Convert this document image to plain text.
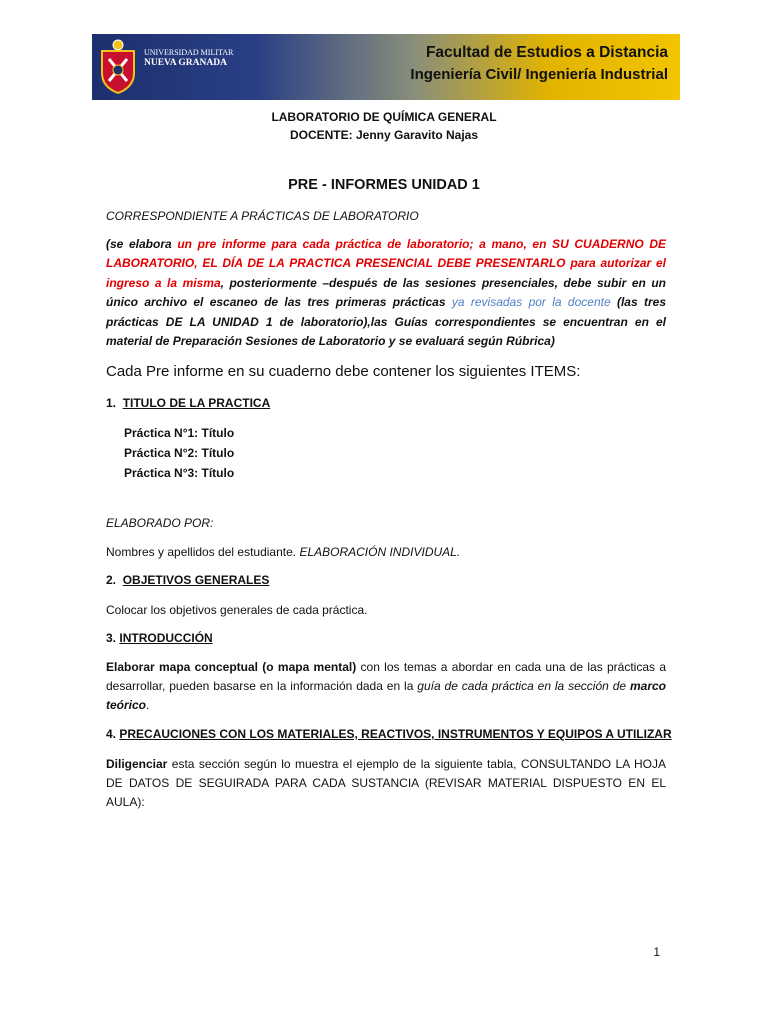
UNIVERSIDAD MILITAR
NUEVA GRANADA
Facultad de Estudios a Distancia
Ingeniería Civil/ Ingeniería Industrial
LABORATORIO DE QUÍMICA GENERAL
DOCENTE: Jenny Garavito Najas
PRE - INFORMES UNIDAD 1
CORRESPONDIENTE A PRÁCTICAS DE LABORATORIO
(se elabora un pre informe para cada práctica de laboratorio; a mano, en SU CUADERNO DE LABORATORIO, EL DÍA DE LA PRACTICA PRESENCIAL DEBE PRESENTARLO para autorizar el ingreso a la misma, posteriormente –después de las sesiones presenciales, debe subir en un único archivo el escaneo de las tres primeras prácticas ya revisadas por la docente (las tres prácticas DE LA UNIDAD 1 de laboratorio),las Guías correspondientes se encuentran en el material de Preparación Sesiones de Laboratorio y se evaluará según Rúbrica)
Cada Pre informe en su cuaderno debe contener los siguientes ITEMS:
1. TITULO DE LA PRACTICA
Práctica N°1: Título
Práctica N°2: Título
Práctica N°3: Título
ELABORADO POR:
Nombres y apellidos del estudiante. ELABORACIÓN INDIVIDUAL.
2. OBJETIVOS GENERALES
Colocar los objetivos generales de cada práctica.
3. INTRODUCCIÓN
Elaborar mapa conceptual (o mapa mental) con los temas a abordar en cada una de las prácticas a desarrollar, pueden basarse en la información dada en la guía de cada práctica en la sección de marco teórico.
4. PRECAUCIONES CON LOS MATERIALES, REACTIVOS, INSTRUMENTOS Y EQUIPOS A UTILIZAR
Diligenciar esta sección según lo muestra el ejemplo de la siguiente tabla, CONSULTANDO LA HOJA DE DATOS DE SEGUIRADA PARA CADA SUSTANCIA (REVISAR MATERIAL DISPUESTO EN EL AULA):
1
